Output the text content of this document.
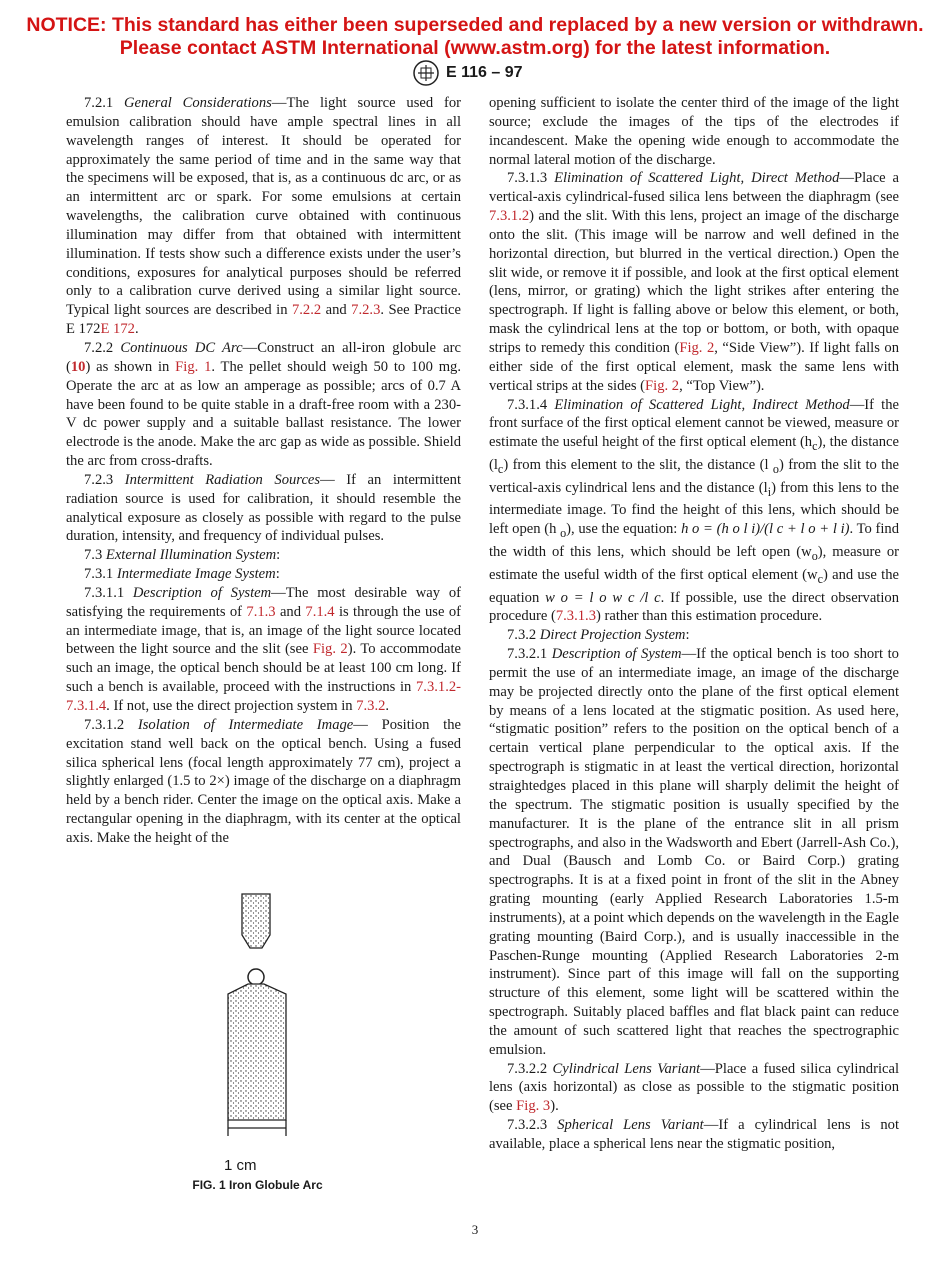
NOTICE: This standard has either been superseded and replaced by a new version or withdrawn.
Please contact ASTM International (www.astm.org) for the latest information.
E 116 – 97

7.2.1 General Considerations—The light source used for emulsion calibration should have ample spectral lines in all wavelength ranges of interest. It should be operated for approximately the same period of time and in the same way that the specimens will be exposed, that is, as a continuous dc arc, or as an intermittent arc or spark. For some emulsions at certain wavelengths, the calibration curve obtained with continuous illumination may differ from that obtained with intermittent illumination. If tests show such a difference exists under the user’s conditions, exposures for analytical purposes should be referred only to a calibration curve derived using a similar light source. Typical light sources are described in 7.2.2 and 7.2.3. See Practice E 172E 172.

7.2.2 Continuous DC Arc—Construct an all-iron globule arc (10) as shown in Fig. 1. The pellet should weigh 50 to 100 mg. Operate the arc at as low an amperage as possible; arcs of 0.7 A have been found to be quite stable in a draft-free room with a 230-V dc power supply and a suitable ballast resistance. The lower electrode is the anode. Make the arc gap as wide as possible. Shield the arc from cross-drafts.

7.2.3 Intermittent Radiation Sources— If an intermittent radiation source is used for calibration, it should resemble the analytical exposure as closely as possible with regard to the pulse duration, intensity, and frequency of individual pulses.

7.3 External Illumination System:

7.3.1 Intermediate Image System:

7.3.1.1 Description of System—The most desirable way of satisfying the requirements of 7.1.3 and 7.1.4 is through the use of an intermediate image, that is, an image of the light source located between the light source and the slit (see Fig. 2). To accommodate such an image, the optical bench should be at least 100 cm long. If such a bench is available, proceed with the instructions in 7.3.1.2-7.3.1.4. If not, use the direct projection system in 7.3.2.

7.3.1.2 Isolation of Intermediate Image— Position the excitation stand well back on the optical bench. Using a fused silica spherical lens (focal length approximately 77 cm), project a slightly enlarged (1.5 to 2×) image of the discharge on a diaphragm held by a bench rider. Center the image on the optical axis. Make a rectangular opening in the diaphragm, with its center at the optical axis. Make the height of the

1 cm
FIG. 1 Iron Globule Arc

opening sufficient to isolate the center third of the image of the light source; exclude the images of the tips of the electrodes if incandescent. Make the opening wide enough to accommodate the normal lateral motion of the discharge.

7.3.1.3 Elimination of Scattered Light, Direct Method—Place a vertical-axis cylindrical-fused silica lens between the diaphragm (see 7.3.1.2) and the slit. With this lens, project an image of the discharge onto the slit. (This image will be narrow and well defined in the horizontal direction, but blurred in the vertical direction.) Open the slit wide, or remove it if possible, and look at the first optical element (lens, mirror, or grating) which the light strikes after entering the spectrograph. If light is falling above or below this element, or both, mask the cylindrical lens at the top or bottom, or both, with opaque strips to remedy this condition (Fig. 2, “Side View”). If light falls on either side of the first optical element, mask the same lens with vertical strips at the sides (Fig. 2, “Top View”).

7.3.1.4 Elimination of Scattered Light, Indirect Method—If the front surface of the first optical element cannot be viewed, measure or estimate the useful height of the first optical element $(h_c)$, the distance $(l_c)$ from this element to the slit, the distance (l $_o$) from the slit to the vertical-axis cylindrical lens and the distance $(l_i)$ from this lens to the intermediate image. To find the height of this lens, which should be left open (h $_o$), use the equation: h o = (h o l i)/(l c + l o + l i). To find the width of this lens, which should be left open $(w_o)$, measure or estimate the useful width of the first optical element $(w_c)$ and use the equation w o = l o w c /l c. If possible, use the direct observation procedure (7.3.1.3) rather than this estimation procedure.

7.3.2 Direct Projection System:

7.3.2.1 Description of System—If the optical bench is too short to permit the use of an intermediate image, an image of the discharge may be projected directly onto the plane of the first optical element by means of a lens located at the stigmatic position. As used here, “stigmatic position” refers to the position on the optical bench of a certain vertical plane perpendicular to the optical axis. If the spectrograph is stigmatic in at least the vertical direction, horizontal straightedges placed in this plane will sharply delimit the height of the spectrum. The stigmatic position is usually specified by the manufacturer. It is the plane of the entrance slit in all prism spectrographs, and also in the Wadsworth and Ebert (Jarrell-Ash Co.), and Dual (Bausch and Lomb Co. or Baird Corp.) grating spectrographs. It is at a fixed point in front of the slit in the Abney grating mounting (early Applied Research Laboratories 1.5-m instruments), at a point which depends on the wavelength in the Eagle grating mounting (Baird Corp.), and is usually inaccessible in the Paschen-Runge mounting (Applied Research Laboratories 2-m instrument). Since part of this image will fall on the supporting structure of this element, some light will be scattered within the spectrograph. Suitably placed baffles and flat black paint can reduce the amount of such scattered light that reaches the spectrographic emulsion.

7.3.2.2 Cylindrical Lens Variant—Place a fused silica cylindrical lens (axis horizontal) as close as possible to the stigmatic position (see Fig. 3).

7.3.2.3 Spherical Lens Variant—If a cylindrical lens is not available, place a spherical lens near the stigmatic position,

3
